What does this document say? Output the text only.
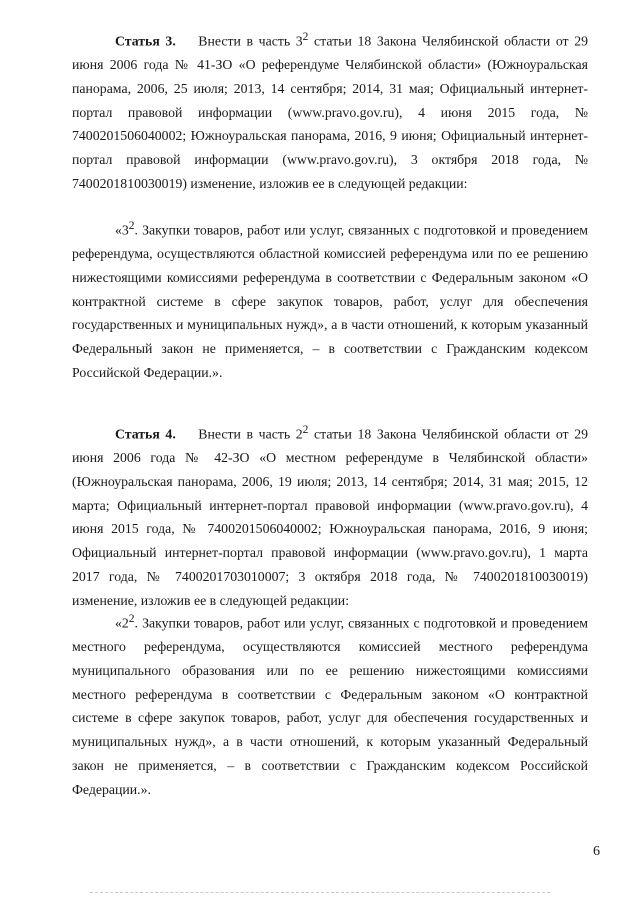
Статья 3. Внести в часть $3^2$ статьи 18 Закона Челябинской области от 29 июня 2006 года № 41-ЗО «О референдуме Челябинской области» (Южноуральская панорама, 2006, 25 июля; 2013, 14 сентября; 2014, 31 мая; Официальный интернет-портал правовой информации (www.pravo.gov.ru), 4 июня 2015 года, № 7400201506040002; Южноуральская панорама, 2016, 9 июня; Официальный интернет-портал правовой информации (www.pravo.gov.ru), 3 октября 2018 года, № 7400201810030019) изменение, изложив ее в следующей редакции:

«$3^2$. Закупки товаров, работ или услуг, связанных с подготовкой и проведением референдума, осуществляются областной комиссией референдума или по ее решению нижестоящими комиссиями референдума в соответствии с Федеральным законом «О контрактной системе в сфере закупок товаров, работ, услуг для обеспечения государственных и муниципальных нужд», а в части отношений, к которым указанный Федеральный закон не применяется, – в соответствии с Гражданским кодексом Российской Федерации.».

Статья 4. Внести в часть $2^2$ статьи 18 Закона Челябинской области от 29 июня 2006 года № 42-ЗО «О местном референдуме в Челябинской области» (Южноуральская панорама, 2006, 19 июля; 2013, 14 сентября; 2014, 31 мая; 2015, 12 марта; Официальный интернет-портал правовой информации (www.pravo.gov.ru), 4 июня 2015 года, № 7400201506040002; Южноуральская панорама, 2016, 9 июня; Официальный интернет-портал правовой информации (www.pravo.gov.ru), 1 марта 2017 года, № 7400201703010007; 3 октября 2018 года, № 7400201810030019) изменение, изложив ее в следующей редакции:

«$2^2$. Закупки товаров, работ или услуг, связанных с подготовкой и проведением местного референдума, осуществляются комиссией местного референдума муниципального образования или по ее решению нижестоящими комиссиями местного референдума в соответствии с Федеральным законом «О контрактной системе в сфере закупок товаров, работ, услуг для обеспечения государственных и муниципальных нужд», а в части отношений, к которым указанный Федеральный закон не применяется, – в соответствии с Гражданским кодексом Российской Федерации.».

6
